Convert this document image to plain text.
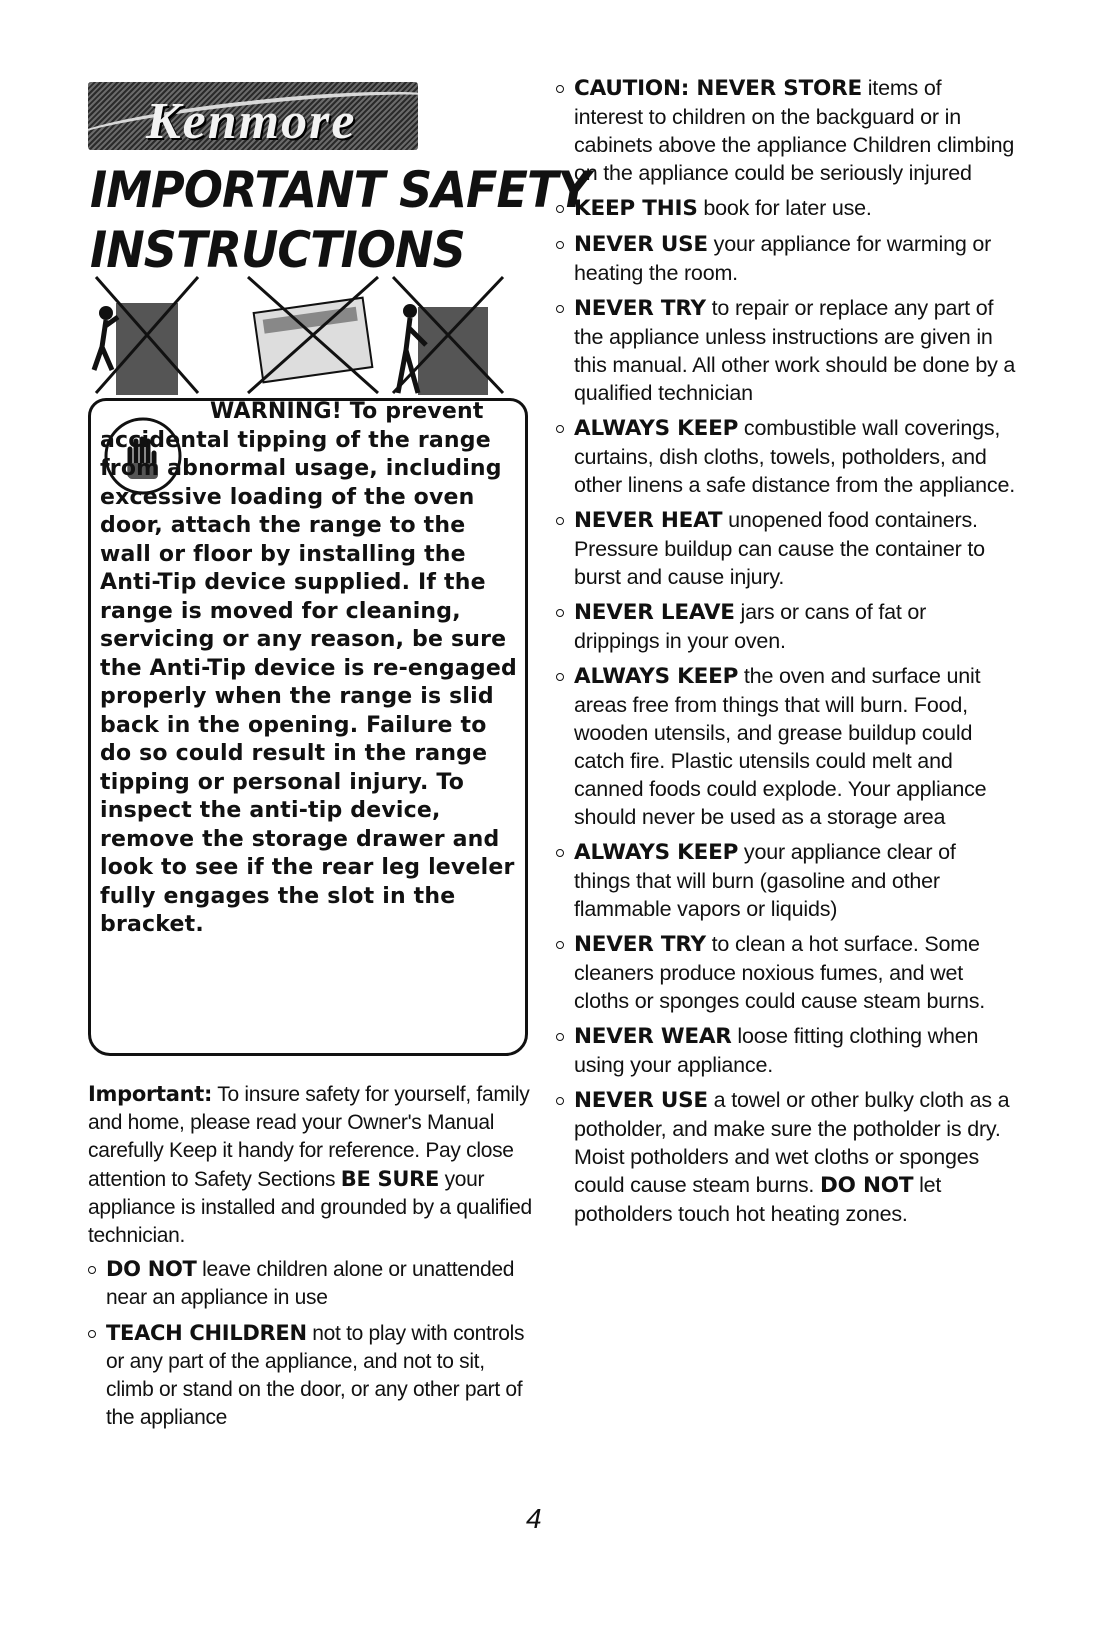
Kenmore
IMPORTANT SAFETY
INSTRUCTIONS

WARNING! To prevent accidental tipping of the range from abnormal usage, including excessive loading of the oven door, attach the range to the wall or floor by installing the Anti-Tip device supplied. If the range is moved for cleaning, servicing or any reason, be sure the Anti-Tip device is re-engaged properly when the range is slid back in the opening. Failure to do so could result in the range tipping or personal injury. To inspect the anti-tip device, remove the storage drawer and look to see if the rear leg leveler fully engages the slot in the bracket.

Important: To insure safety for yourself, family and home, please read your Owner's Manual carefully Keep it handy for reference. Pay close attention to Safety Sections BE SURE your appliance is installed and grounded by a qualified technician.

DO NOT leave children alone or unattended near an appliance in use
TEACH CHILDREN not to play with controls or any part of the appliance, and not to sit, climb or stand on the door, or any other part of the appliance
CAUTION: NEVER STORE items of interest to children on the backguard or in cabinets above the appliance Children climbing on the appliance could be seriously injured
KEEP THIS book for later use.
NEVER USE your appliance for warming or heating the room.
NEVER TRY to repair or replace any part of the appliance unless instructions are given in this manual. All other work should be done by a qualified technician
ALWAYS KEEP combustible wall coverings, curtains, dish cloths, towels, potholders, and other linens a safe distance from the appliance.
NEVER HEAT unopened food containers. Pressure buildup can cause the container to burst and cause injury.
NEVER LEAVE jars or cans of fat or drippings in your oven.
ALWAYS KEEP the oven and surface unit areas free from things that will burn. Food, wooden utensils, and grease buildup could catch fire. Plastic utensils could melt and canned foods could explode. Your appliance should never be used as a storage area
ALWAYS KEEP your appliance clear of things that will burn (gasoline and other flammable vapors or liquids)
NEVER TRY to clean a hot surface. Some cleaners produce noxious fumes, and wet cloths or sponges could cause steam burns.
NEVER WEAR loose fitting clothing when using your appliance.
NEVER USE a towel or other bulky cloth as a potholder, and make sure the potholder is dry. Moist potholders and wet cloths or sponges could cause steam burns. DO NOT let potholders touch hot heating zones.
4
